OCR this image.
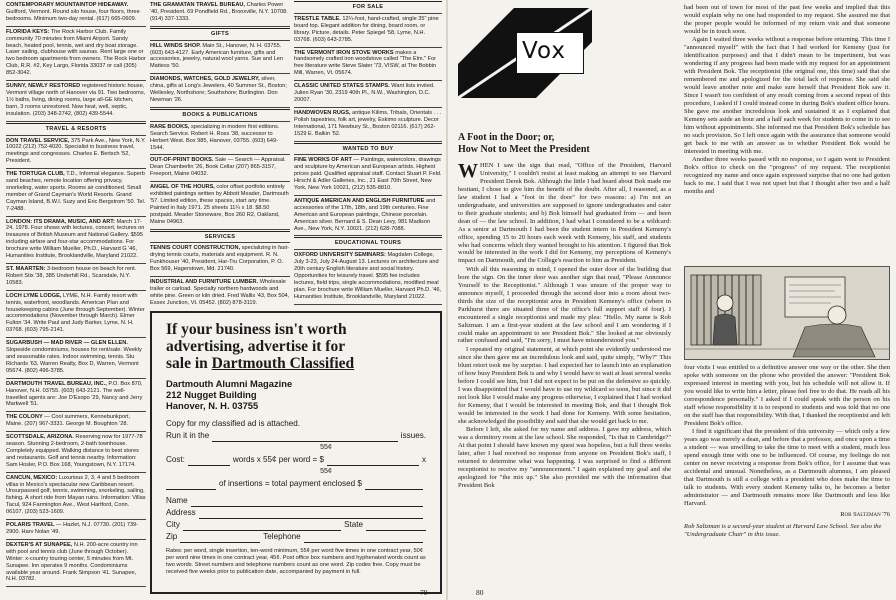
CONTEMPORARY MOUNTAINTOP HIDEAWAY. Guilford, Vermont. Round silo house, four floors, three bedrooms. Minimum two-day rental. (617) 665-0609.
FLORIDA KEYS: The Rock Harbor Club. Family community 70 minutes from Miami Airport. Sandy beach, heated pool, tennis, wet and dry boat storage. Laser sailing, clubhouse with saunas. Rent large one or two bedroom apartments from owners. The Rock Harbor Club, R.R. #2, Key Largo, Florida 33037 or call (305) 852-3042.
SUNNY, NEWLY RESTORED registered historic house, Vermont village north of Hanover via 91. Two bedrooms, 1½ baths, living, dining rooms, large all-GE kitchen, barn, 3 rooms unrestored. Now heat, well, septic, insulation. (203) 348-2742, (802) 439-5544.
TRAVEL & RESORTS
DON TRAVEL SERVICE, 375 Park Ave., New York, N.Y. 10022 (212) 752-4020. Specialist in business travel, meetings and congresses. Charles E. Bertsch '52, President.
THE TORTUGA CLUB, T.D., Informal elegance. Superb sand beaches, remote location offering privacy, snorkeling, water sports. Rooms air conditioned. Small member of Grand Cayman's World Resorts. Grand Cayman Island, B.W.I. Suzy and Eric Bergstrom '50. Tel. 7-2488.
LONDON: ITS DRAMA, MUSIC, AND ART: March 17-24, 1978. Four shows with lectures, concert, lectures on treasures of British Museum and National Gallery. $595 including airfare and four-star accommodations. For brochure write William Mueller, Ph.D., Harvard G '46, Humanities Institute, Brooklandville, Maryland 21022.
ST. MAARTEN: 3-bedroom house on beach for rent. Robert Stix '38, 385 Underhill Rd., Scarsdale, N.Y. 10583.
LOCH LYME LODGE, LYME, N.H. Family resort with tennis, waterfront, woodlands. American Plan and housekeeping cabins (June through September). Winter accommodations (November through March). Elmer Fulton '34. Write Paul and Judy Barker, Lyme, N. H. 03768. (603) 795-2141.
SUGARBUSH — MAD RIVER — GLEN ELLEN. Slopeside condominiums, houses for rent/sale. Weekly and seasonable rates. Indoor swimming, tennis. Stu Richards '63, Warren Realty, Box D, Warren, Vermont 05674. (802) 496-3785.
DARTMOUTH TRAVEL BUREAU, INC., P.O. Box 870, Hanover, N.H. 03755. (603) 643-2121. The well-travelled agents are: Joe D'Esopo '29, Nancy and Jerry Markwell '51.
THE COLONY — Cool summers, Kennebunkport, Maine. (207) 967-3331. George M. Boughton '28.
SCOTTSDALE, ARIZONA. Reserving now for 1977-78 season. Stunning 2-bedroom, 2-bath townhouse. Completely equipped. Walking distance to best stores and restaurants. Golf and tennis nearby. Information: Sam Hosler, P.O. Box 168, Youngstown, N.Y. 17174.
CANCUN, MEXICO: Luxurious 2, 3, 4 and 5 bedroom villas in Mexico's spectacular new Caribbean resort. Unsurpassed golf, tennis, swimming, snorkeling, sailing, fishing. A short ride from Mayan ruins. Information: Villas Tacul, 924 Farmington Ave., West Hartford, Conn. 06107. (203) 523-1609.
POLARIS TRAVEL — Hazlet, N.J. 07730. (201) 739-2900. Harv Nolan '49.
DEXTER'S AT SUNAPEE, N.H. 200-acre country inn with pool and tennis club (June through October). Winter: x-country touring center, 5 minutes from Mt. Sunapee. Inn operates 9 months. Condominiums available year around. Frank Simpson '41. Sunapee, N.H. 03782.
THE GRAMATAN TRAVEL BUREAU, Charles Power '40, President. 69 Pondfield Rd., Bronxville, N.Y. 10708. (914) 337-1333.
GIFTS
HILL WINDS SHOP. Main St., Hanover, N. H. 03755. (603) 643-4127. Early American furniture, gifts and accessories, jewelry, natural wool yarns. Sue and Len Mattess '50.
DIAMONDS, WATCHES, GOLD JEWELRY, silver, china, gifts at Long's Jewelers, 40 Summer St., Boston; Wellesley, Northshore; Southshore; Burlington. Don Newman '26.
BOOKS & PUBLICATIONS
RARE BOOKS, specializing in modern first editions. Search Service. Robert H. Ross '38, successor to Herbert West. Box 985, Hanover, 03755. (603) 649-1544.
OUT-OF-PRINT BOOKS. Sale — Search — Appraisal. Dean Chamberlin '26, Book Cellar (207) 865-3157, Freeport, Maine 04032.
ANGEL OF THE HOURS, color offset portfolio entirely exhibited paintings written by Abbott Meader, Dartmouth '57. Limited edition, these spaces, start any time. Painted in Italy 1971. 25 sheets 11¼ x 18. $8.50 postpaid. Meader Stoneware, Box 260 R2, Oakland, Maine 04963.
SERVICES
TENNIS COURT CONSTRUCTION, specializing in fast-drying tennis courts, materials and equipment. R. N. Funkhouser '40, President, Har-Tru Corporation, P. O. Box 569, Hagerstown, Md. 21740.
INDUSTRIAL AND FURNITURE LUMBER. Wholesale trailer or carload. Specialty northern hardwoods and white pine. Green or kiln dried. Fred Wallis '43, Box 504, Essex Junction, Vt. 05452. (802) 878-3119.
FOR SALE
TRESTLE TABLE. 12¼-foot, hand-crafted, single 35" pine board top. Elegant addition for dining, board room, or library. Picture, details. Peter Spiegel '58, Lyme, N.H. 03768. (603) 643-2785.
THE VERMONT IRON STOVE WORKS makes a handsomely crafted iron woodstove called "The Elm." For free literature write Steve Slater '73, VISW, at The Bobbin Mill, Warren, Vt. 05674.
CLASSIC UNITED STATES STAMPS. Want lists invited. Julien Ryan '30, 2319 40th Pl., N.W., Washington, D.C. 20007.
HANDWOVEN RUGS, antique Kilims, Tribals, Orientals . . . Polish tapestries, folk art, jewelry, Eskimo sculpture. Decor International, 171 Newbury St., Boston 02116. (617) 262-1529 E. Balkin '52.
WANTED TO BUY
FINE WORKS OF ART — Paintings, watercolors, drawings and sculpture by American and European artists. Highest prices paid. Qualified appraisal staff. Contact Stuart P. Feld. Hirschl & Adler Galleries, Inc., 21 East 70th Street, New York, New York 10021, (212) 535-8810.
ANTIQUE AMERICAN AND ENGLISH FURNITURE and accessories of the 17th, 18th, and 19th centuries. Fine American and European paintings, Chinese porcelain. American silver. Bernard & S. Dean Levy, 981 Madison Ave., New York, N.Y. 10021. (212) 628-7088.
EDUCATIONAL TOURS
OXFORD UNIVERSITY SEMINARS: Magdalen College, July 3-23, July 24-August 13. Lectures on architecture and 20th century English literature and social history. Opportunities for leisurely travel. $595 fee includes lectures, field trips, single accommodations, modified meal plan. For brochure write William Mueller, Harvard Ph.D. '46, Humanities Institute, Brooklandville, Maryland 21022.
If your business isn't worth
advertising, advertise it for
sale in Dartmouth Classified
Dartmouth Alumni Magazine
212 Nugget Building
Hanover, N. H. 03755
Copy for my classified ad is attached.
Run it in the	issues.
55¢
Cost:	words x 55¢ per word = $	x
55¢
of insertions = total payment enclosed $
Name
Address
City	State
Zip	Telephone
Rates: per word, single insertion, ten-word minimum, 55¢ per word five times in one contract year, 50¢ per word nine times in one contract year, 45¢. Post office box numbers and hyphenated words count as two words. Street numbers and telephone numbers count as one word. Zip codes free. Copy must be received five weeks prior to publication date, accompanied by payment in full.
79
Vox
A Foot in the Door; or,
How Not to Meet the President
W HEN I saw the sign that read, "Office of the President, Harvard University," I couldn't resist at least making an attempt to see Harvard President Derek Bok. Although the little I had heard about Bok made me hesitant, I chose to give him the benefit of the doubt. After all, I reasoned, as a law student I had a "foot in the door" for two reasons: a) I'm not an undergraduate, and universities are supposed to ignore undergraduates and cater to their graduate students; and b) Bok himself had graduated from — and been dean of — the law school. In addition, I had what I considered to be a wildcard: As a senior at Dartmouth I had been the student intern in President Kemeny's office, spending 15 to 20 hours each week with Kemeny, his staff, and students who had concerns which they wanted brought to his attention. I figured that Bok would be interested in the work I did for Kemeny, my perceptions of Kemeny's impact on Dartmouth, and the College's reaction to him as President.

With all this reasoning in mind, I opened the outer door of the building that bore the sign. On the inner door was another sign that read, "Please Announce Yourself to the Receptionist." Although I was unsure of the proper way to announce myself, I proceeded through the second door into a room about two-thirds the size of the receptionist area in President Kemeny's office (where in Parkhurst there are situated three of the office's full support staff of four). I encountered a single receptionist and made my plea: "Hello. My name is Rob Saltzman. I am a first-year student at the law school and I am wondering if I could make an appointment to see President Bok." She looked at me obviously rather confused and said, "I'm sorry, I must have misunderstood you."

I repeated my original statement, at which point she evidently understood me since she then gave me an incredulous look and said, quite simply, "Why?" This blunt retort took me by surprise. I had expected her to launch into an explanation of how busy President Bok is and why I would have to wait at least several weeks before I could see him, but I did not expect to be put on the defensive so quickly. I was disappointed that I would have to use my wildcard so soon, but since it did not look like I would make any progress otherwise, I explained that I had worked for Kemeny, that I would be interested in meeting Bok, and that I thought Bok would be interested in the work I had done for Kemeny. With some hesitation, she acknowledged the possibility and said that she would get back to me.

Before I left, she asked for my name and address. I gave my address, which was a dormitory room at the law school. She responded, "Is that in Cambridge?" At that point I should have known my quest was hopeless, but a full three weeks later, after I had received no response from anyone on President Bok's staff, I returned to determine what was happening. I was surprised to find a different receptionist to receive my "announcement." I again explained my goal and she apologized for "the mix up." She also provided me with the information that President Bok

had been out of town for most of the past few weeks and implied that this would explain why no one had responded to my request. She assured me that the proper people would be informed of my return visit and that someone would be in touch soon.

Again I waited three weeks without a response before returning. This time I "announced myself" with the fact that I had worked for Kemeny (just for identification purposes) and that I didn't mean to be impertinent, but was wondering if any progress had been made with my request for an appointment with President Bok. The receptionist (the original one, this time) said that she remembered me and apologized for the total lack of response. She said she would leave another note and make sure herself that President Bok saw it. Since I wasn't too confident of any result coming from a second repeat of this procedure, I asked if I could instead come in during Bok's student office hours. She gave me another incredulous look and sustained it as I explained that Kemeny sets aside an hour and a half each week for students to come in to see him without appointments. She informed me that President Bok's schedule has no such provision. So I left once again with the assurance that someone would get back to me with an answer as to whether President Bok would be interested in meeting with me.

Another three weeks passed with no response, so I again went to President Bok's office to check on the "progress" of my request. The receptionist recognized my name and once again expressed surprise that no one had gotten back to me. I said that I was not upset but that I thought after two and a half months and

four visits I was entitled to a definitive answer one way or the other. She then spoke with someone on the phone who provided the answer: "President Bok expressed interest in meeting with you, but his schedule will not allow it. If you would like to write him a letter, please feel free to do that. He reads all his correspondence personally." I asked if I could speak with the person on his staff whose responsibility it is to respond to students and was told that no one on the staff has that responsibility. With that, I thanked the receptionist and left President Bok's office.

I find it significant that the president of this university — which only a few years ago was merely a dean, and before that a professor, and once upon a time a student — was unwilling to take the time to meet with a student, much less spend enough time with one to be influenced. Of course, my feelings do not center on never receiving a response from Bok's office, for I assume that was accidental and unusual. Nonetheless, as a Dartmouth alumnus, I am pleased that Dartmouth is still a college with a president who does make the time to talk to students. With every student Kemeny talks to, he becomes a better administrator — and Dartmouth remains more like Dartmouth and less like Harvard.

Rob Saltzman '76
Rob Saltzman is a second-year student at Harvard Law School. See also the "Undergraduate Chair" in this issue.
80
